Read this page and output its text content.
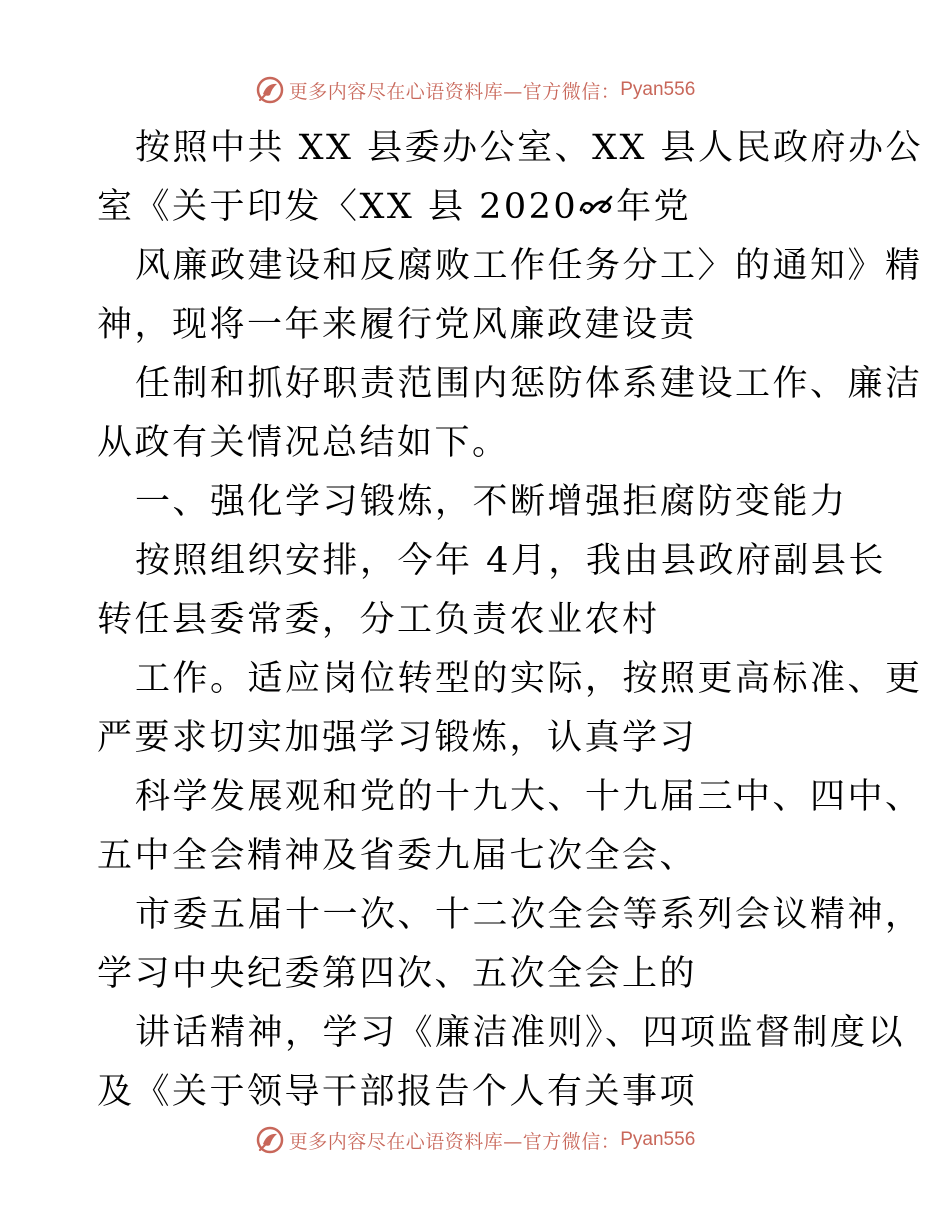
更多内容尽在心语资料库—官方微信： Pyan556
按照中共 XX 县委办公室、XX 县人民政府办公
室《关于印发〈XX 县 2020 年党
风廉政建设和反腐败工作任务分工〉的通知》精
神，现将一年来履行党风廉政建设责
任制和抓好职责范围内惩防体系建设工作、廉洁
从政有关情况总结如下。
一、强化学习锻炼，不断增强拒腐防变能力
按照组织安排，今年 4月，我由县政府副县长
转任县委常委，分工负责农业农村
工作。适应岗位转型的实际，按照更高标准、更
严要求切实加强学习锻炼，认真学习
科学发展观和党的十九大、十九届三中、四中、
五中全会精神及省委九届七次全会、
市委五届十一次、十二次全会等系列会议精神，
学习中央纪委第四次、五次全会上的
讲话精神，学习《廉洁准则》、四项监督制度以
及《关于领导干部报告个人有关事项
更多内容尽在心语资料库—官方微信： Pyan556
